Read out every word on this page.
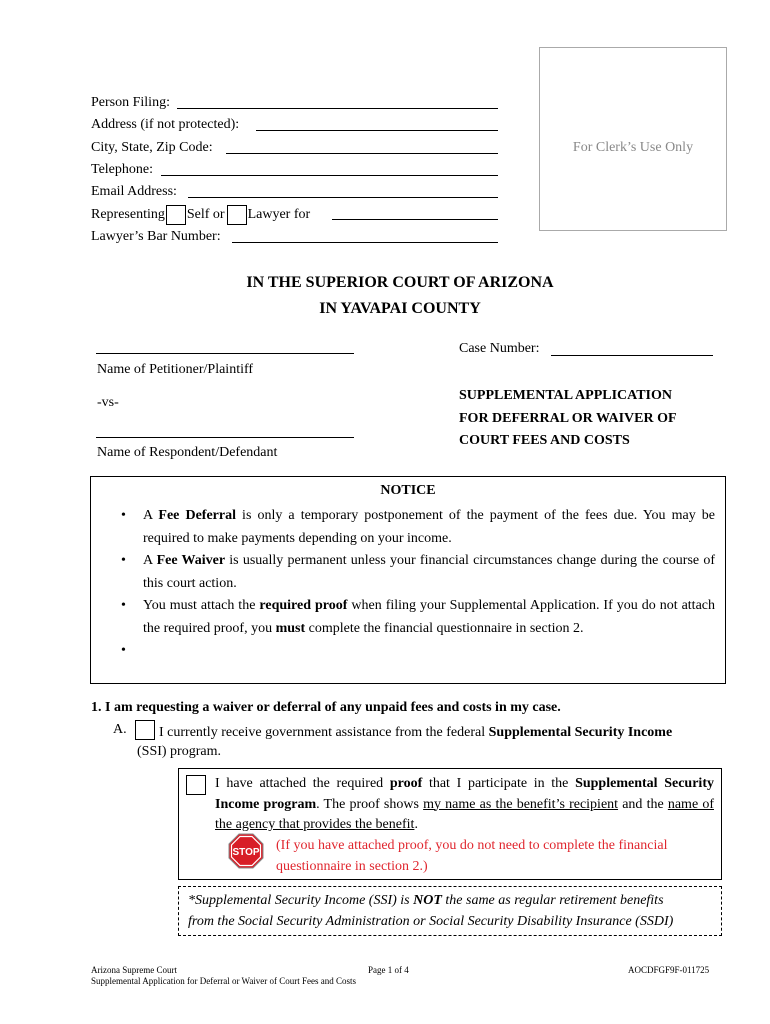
Person Filing:
Address (if not protected):
City, State, Zip Code:
Telephone:
Email Address:
Representing Self or Lawyer for
Lawyer’s Bar Number:
For Clerk’s Use Only
IN THE SUPERIOR COURT OF ARIZONA
IN YAVAPAI COUNTY
Name of Petitioner/Plaintiff
-vs-
Name of Respondent/Defendant
Case Number:
SUPPLEMENTAL APPLICATION
FOR DEFERRAL OR WAIVER OF
COURT FEES AND COSTS
NOTICE
• A Fee Deferral is only a temporary postponement of the payment of the fees due. You may be required to make payments depending on your income.
• A Fee Waiver is usually permanent unless your financial circumstances change during the course of this court action.
• You must attach the required proof when filing your Supplemental Application. If you do not attach the required proof, you must complete the financial questionnaire in section 2.
•
1. I am requesting a waiver or deferral of any unpaid fees and costs in my case.
A. I currently receive government assistance from the federal Supplemental Security Income
(SSI) program.
I have attached the required proof that I participate in the Supplemental Security Income program. The proof shows my name as the benefit’s recipient and the name of the agency that provides the benefit.
STOP (If you have attached proof, you do not need to complete the financial
questionnaire in section 2.)
*Supplemental Security Income (SSI) is NOT the same as regular retirement benefits
from the Social Security Administration or Social Security Disability Insurance (SSDI)
Arizona Supreme Court
Supplemental Application for Deferral or Waiver of Court Fees and Costs
Page 1 of 4	AOCDFGF9F-011725
